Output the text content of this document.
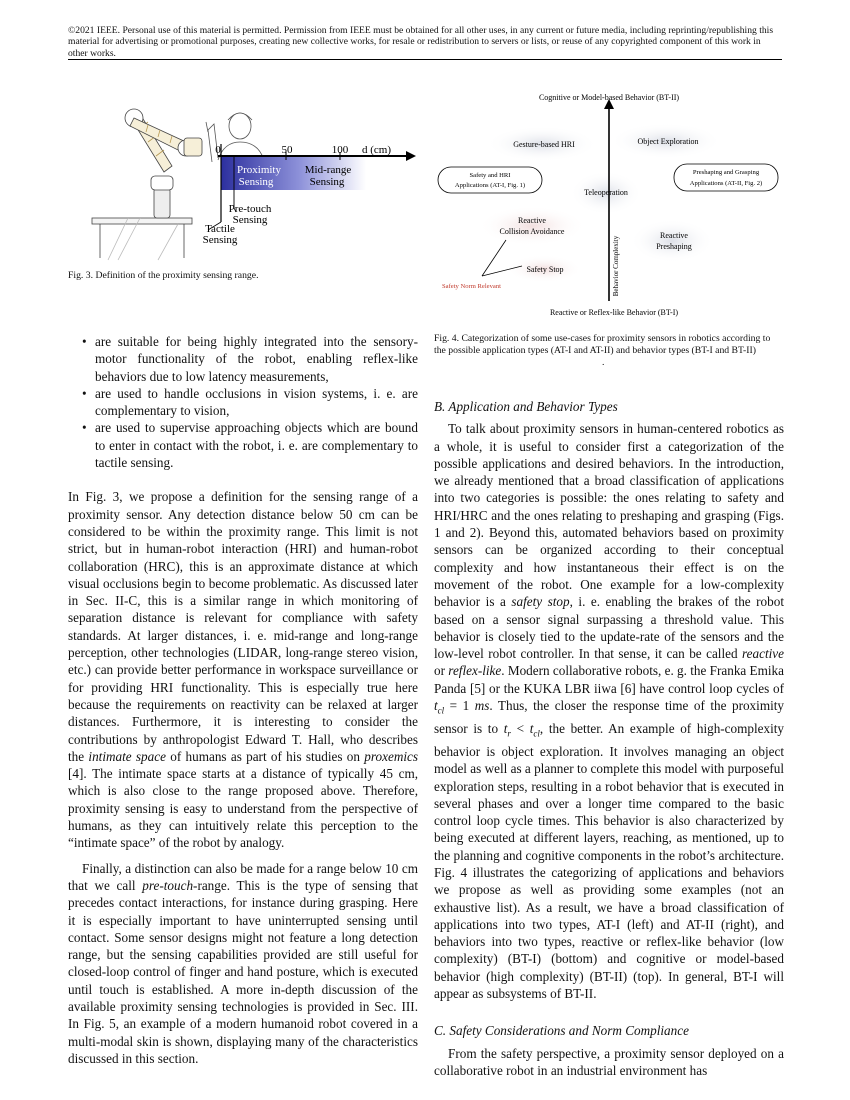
©2021 IEEE. Personal use of this material is permitted. Permission from IEEE must be obtained for all other uses, in any current or future media, including reprinting/republishing this material for advertising or promotional purposes, creating new collective works, for resale or redistribution to servers or lists, or reuse of any copyrighted component of this work in other works.
0	50	100 d (cm)
Proximity
Sensing
Mid-range
Sensing
Pre-touch
Sensing
Tactile
Sensing
Fig. 3. Definition of the proximity sensing range.
Cognitive or Model-based Behavior (BT-II)
Reactive or Reflex-like Behavior (BT-I)
Behavior Complexity
Gesture-based HRI	Object Exploration
Teleoperation
Safety and HRI
Applications (AT-I, Fig. 1)
Preshaping and Grasping
Applications (AT-II, Fig. 2)
Reactive
Collision Avoidance	Reactive
Preshaping
Safety Stop
Safety Norm Relevant
Fig. 4. Categorization of some use-cases for proximity sensors in robotics according to the possible application types (AT-I and AT-II) and behavior types (BT-I and BT-II)
.
• are suitable for being highly integrated into the sensory-motor functionality of the robot, enabling reflex-like behaviors due to low latency measurements,
• are used to handle occlusions in vision systems, i. e. are complementary to vision,
• are used to supervise approaching objects which are bound to enter in contact with the robot, i. e. are complementary to tactile sensing.

In Fig. 3, we propose a definition for the sensing range of a proximity sensor. Any detection distance below 50 cm can be considered to be within the proximity range. This limit is not strict, but in human-robot interaction (HRI) and human-robot collaboration (HRC), this is an approximate distance at which visual occlusions begin to become problematic. As discussed later in Sec. II-C, this is a similar range in which monitoring of separation distance is relevant for compliance with safety standards. At larger distances, i. e. mid-range and long-range perception, other technologies (LIDAR, long-range stereo vision, etc.) can provide better performance in workspace surveillance or for providing HRI functionality. This is especially true here because the requirements on reactivity can be relaxed at larger distances. Furthermore, it is interesting to consider the contributions by anthropologist Edward T. Hall, who describes the intimate space of humans as part of his studies on proxemics [4]. The intimate space starts at a distance of typically 45 cm, which is also close to the range proposed above. Therefore, proximity sensing is easy to understand from the perspective of humans, as they can intuitively relate this perception to the “intimate space” of the robot by analogy.

Finally, a distinction can also be made for a range below 10 cm that we call pre-touch-range. This is the type of sensing that precedes contact interactions, for instance during grasping. Here it is especially important to have uninterrupted sensing until contact. Some sensor designs might not feature a long detection range, but the sensing capabilities provided are still useful for closed-loop control of finger and hand posture, which is executed until touch is established. A more in-depth discussion of the available proximity sensing technologies is provided in Sec. III. In Fig. 5, an example of a modern humanoid robot covered in a multi-modal skin is shown, displaying many of the characteristics discussed in this section.

B. Application and Behavior Types

To talk about proximity sensors in human-centered robotics as a whole, it is useful to consider first a categorization of the possible applications and desired behaviors. In the introduction, we already mentioned that a broad classification of applications into two categories is possible: the ones relating to safety and HRI/HRC and the ones relating to preshaping and grasping (Figs. 1 and 2). Beyond this, automated behaviors based on proximity sensors can be organized according to their conceptual complexity and how instantaneous their effect is on the movement of the robot. One example for a low-complexity behavior is a safety stop, i. e. enabling the brakes of the robot based on a sensor signal surpassing a threshold value. This behavior is closely tied to the update-rate of the sensors and the low-level robot controller. In that sense, it can be called reactive or reflex-like. Modern collaborative robots, e. g. the Franka Emika Panda [5] or the KUKA LBR iiwa [6] have control loop cycles of $t_{cl} = 1$ ms. Thus, the closer the response time of the proximity sensor is to $t_r < t_{cl}$, the better. An example of high-complexity behavior is object exploration. It involves managing an object model as well as a planner to complete this model with purposeful exploration steps, resulting in a robot behavior that is executed in several phases and over a longer time compared to the basic control loop cycle times. This behavior is also characterized by being executed at different layers, reaching, as mentioned, up to the planning and cognitive components in the robot’s architecture. Fig. 4 illustrates the categorizing of applications and behaviors we propose as well as providing some examples (not an exhaustive list). As a result, we have a broad classification of applications into two types, AT-I (left) and AT-II (right), and behaviors into two types, reactive or reflex-like behavior (low complexity) (BT-I) (bottom) and cognitive or model-based behavior (high complexity) (BT-II) (top). In general, BT-I will appear as subsystems of BT-II.

C. Safety Considerations and Norm Compliance

From the safety perspective, a proximity sensor deployed on a collaborative robot in an industrial environment has
